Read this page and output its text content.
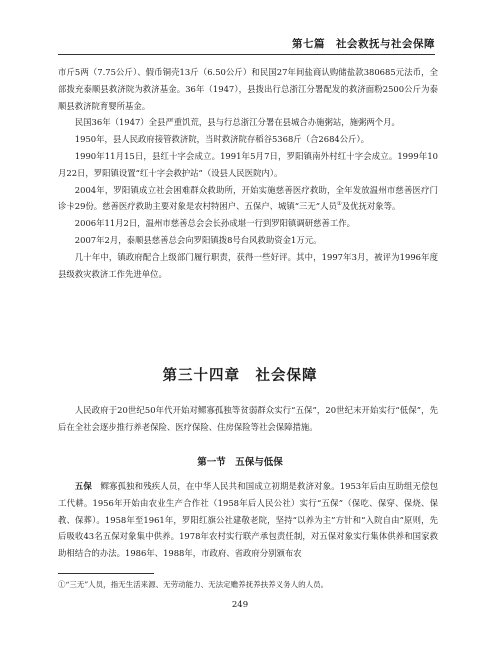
第七篇　 社会救抚与社会保障

市斤5两（7.75公斤）、假币铜壳13斤（6.50公斤）和民国27年间盐商认购储盐款380685元法币，全部拨充泰顺县救济院为救济基金。36年（1947），县拨出行总浙江分署配发的救济面粉2500公斤为泰顺县救济院育婴所基金。

民国36年（1947）全县严重饥荒，县与行总浙江分署在县城合办施粥站，施粥两个月。

1950年，县人民政府接管救济院，当时救济院存稻谷5368斤（合2684公斤）。

1990年11月15日，县红十字会成立。1991年5月7日，罗阳镇南外村红十字会成立。1999年10月22日，罗阳镇设置“红十字会救护站”（设县人民医院内）。

2004年，罗阳镇成立社会困难群众救助所，开始实施慈善医疗救助，全年发放温州市慈善医疗门诊卡29份。慈善医疗救助主要对象是农村特困户、五保户、城镇“三无”人员①及优抚对象等。

2006年11月2日，温州市慈善总会会长孙成堪一行到罗阳镇调研慈善工作。

2007年2月，泰顺县慈善总会向罗阳镇拨8号台风救助资金1万元。

几十年中，镇政府配合上级部门履行职责，获得一些好评。其中，1997年3月，被评为1996年度县级救灾救济工作先进单位。

第三十四章　社会保障

人民政府于20世纪50年代开始对鳏寡孤独等贫弱群众实行“五保”，20世纪末开始实行“低保”，先后在全社会逐步推行养老保险、医疗保险、住房保险等社会保障措施。

第一节　五保与低保

五保　 鳏寡孤独和残疾人员，在中华人民共和国成立初期是救济对象。1953年后由互助组无偿包工代耕。1956年开始由农业生产合作社（1958年后人民公社）实行“五保”（保吃、保穿、保烧、保教、保葬）。1958年至1961年，罗阳红旗公社建敬老院，坚持“以养为主”方针和“入院自由”原则，先后吸收43名五保对象集中供养。1978年农村实行联产承包责任制，对五保对象实行集体供养和国家救助相结合的办法。1986年、1988年，市政府、省政府分别颁布农

①“三无”人员，指无生活来源、无劳动能力、无法定赡养抚养扶养义务人的人员。
249
